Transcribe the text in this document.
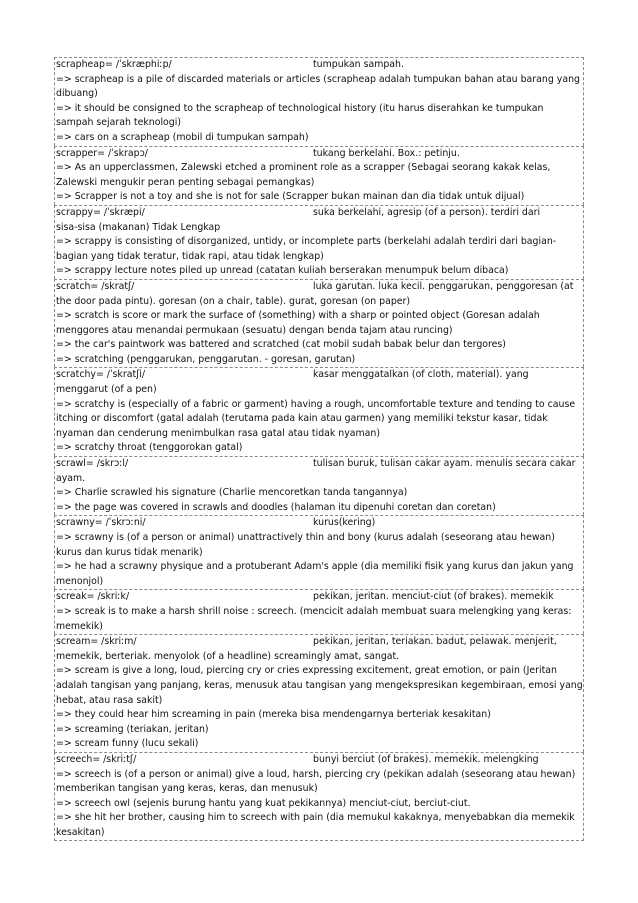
scrapheap= /ˈskræphiːp/	tumpukan sampah.
=> scrapheap is a pile of discarded materials or articles (scrapheap adalah tumpukan bahan atau barang yang dibuang)
=> it should be consigned to the scrapheap of technological history (itu harus diserahkan ke tumpukan sampah sejarah teknologi)
=> cars on a scrapheap (mobil di tumpukan sampah)
scrapper= /ˈskrapɔ/	tukang berkelahi. Box.: petinju.
=> As an upperclassmen, Zalewski etched a prominent role as a scrapper (Sebagai seorang kakak kelas, Zalewski mengukir peran penting sebagai pemangkas)
=> Scrapper is not a toy and she is not for sale (Scrapper bukan mainan dan dia tidak untuk dijual)
scrappy= /ˈskræpi/	suka berkelahi, agresip (of a person). terdiri dari
sisa-sisa (makanan) Tidak Lengkap
=> scrappy is consisting of disorganized, untidy, or incomplete parts (berkelahi adalah terdiri dari bagian-bagian yang tidak teratur, tidak rapi, atau tidak lengkap)
=> scrappy lecture notes piled up unread (catatan kuliah berserakan menumpuk belum dibaca)
scratch= /skratʃ/	luka garutan. luka kecil. penggarukan, penggoresan (at
the door pada pintu). goresan (on a chair, table). gurat, goresan (on paper)
=> scratch is score or mark the surface of (something) with a sharp or pointed object (Goresan adalah menggores atau menandai permukaan (sesuatu) dengan benda tajam atau runcing)
=> the car's paintwork was battered and scratched (cat mobil sudah babak belur dan tergores)
=> scratching (penggarukan, penggarutan. - goresan, garutan)
scratchy= /ˈskratʃi/	kasar menggatalkan (of cloth, material). yang
menggarut (of a pen)
=> scratchy is (especially of a fabric or garment) having a rough, uncomfortable texture and tending to cause itching or discomfort (gatal adalah (terutama pada kain atau garmen) yang memiliki tekstur kasar, tidak nyaman dan cenderung menimbulkan rasa gatal atau tidak nyaman)
=> scratchy throat (tenggorokan gatal)
scrawl= /skrɔːl/	tulisan buruk, tulisan cakar ayam. menulis secara cakar
ayam.
=> Charlie scrawled his signature (Charlie mencoretkan tanda tangannya)
=> the page was covered in scrawls and doodles (halaman itu dipenuhi coretan dan coretan)
scrawny= /ˈskrɔːni/	kurus(kering)
=> scrawny is (of a person or animal) unattractively thin and bony (kurus adalah (seseorang atau hewan) kurus dan kurus tidak menarik)
=> he had a scrawny physique and a protuberant Adam's apple (dia memiliki fisik yang kurus dan jakun yang menonjol)
screak= /skriːk/	pekikan, jeritan. menciut-ciut (of brakes). memekik
=> screak is to make a harsh shrill noise : screech. (mencicit adalah membuat suara melengking yang keras: memekik)
scream= /skriːm/	pekikan, jeritan, teriakan. badut, pelawak. menjerit,
memekik, berteriak. menyolok (of a headline) screamingly amat, sangat.
=> scream is give a long, loud, piercing cry or cries expressing excitement, great emotion, or pain (Jeritan adalah tangisan yang panjang, keras, menusuk atau tangisan yang mengekspresikan kegembiraan, emosi yang hebat, atau rasa sakit)
=> they could hear him screaming in pain (mereka bisa mendengarnya berteriak kesakitan)
=> screaming (teriakan, jeritan)
=> scream funny (lucu sekali)
screech= /skriːtʃ/	bunyi berciut (of brakes). memekik. melengking
=> screech is (of a person or animal) give a loud, harsh, piercing cry (pekikan adalah (seseorang atau hewan) memberikan tangisan yang keras, keras, dan menusuk)
=> screech owl (sejenis burung hantu yang kuat pekikannya) menciut-ciut, berciut-ciut.
=> she hit her brother, causing him to screech with pain (dia memukul kakaknya, menyebabkan dia memekik kesakitan)
